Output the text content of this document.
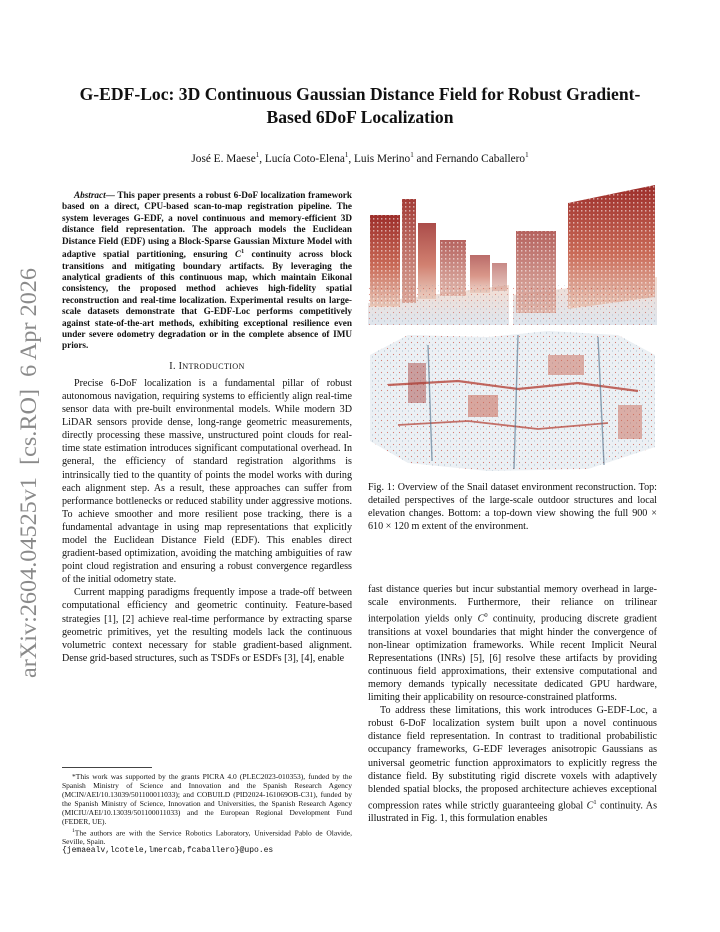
arXiv:2604.04525v1  [cs.RO]  6 Apr 2026
G-EDF-Loc: 3D Continuous Gaussian Distance Field for Robust Gradient-Based 6DoF Localization
José E. Maese$^1$, Lucía Coto-Elena$^1$, Luis Merino$^1$ and Fernando Caballero$^1$

Abstract— This paper presents a robust 6-DoF localization framework based on a direct, CPU-based scan-to-map registration pipeline. The system leverages G-EDF, a novel continuous and memory-efficient 3D distance field representation. The approach models the Euclidean Distance Field (EDF) using a Block-Sparse Gaussian Mixture Model with adaptive spatial partitioning, ensuring $C^1$ continuity across block transitions and mitigating boundary artifacts. By leveraging the analytical gradients of this continuous map, which maintain Eikonal consistency, the proposed method achieves high-fidelity spatial reconstruction and real-time localization. Experimental results on large-scale datasets demonstrate that G-EDF-Loc performs competitively against state-of-the-art methods, exhibiting exceptional resilience even under severe odometry degradation or in the complete absence of IMU priors.

I. INTRODUCTION

Precise 6-DoF localization is a fundamental pillar of robust autonomous navigation, requiring systems to efficiently align real-time sensor data with pre-built environmental models. While modern 3D LiDAR sensors provide dense, long-range geometric measurements, directly processing these massive, unstructured point clouds for real-time state estimation introduces significant computational overhead. In general, the efficiency of standard registration algorithms is intrinsically tied to the quantity of points the model works with during each alignment step. As a result, these approaches can suffer from performance bottlenecks or reduced stability under aggressive motions. To achieve smoother and more resilient pose tracking, there is a fundamental advantage in using map representations that explicitly model the Euclidean Distance Field (EDF). This enables direct gradient-based optimization, avoiding the matching ambiguities of raw point cloud registration and ensuring a robust convergence regardless of the initial odometry state.

Current mapping paradigms frequently impose a trade-off between computational efficiency and geometric continuity. Feature-based strategies [1], [2] achieve real-time performance by extracting sparse geometric primitives, yet the resulting models lack the continuous volumetric context necessary for stable gradient-based alignment. Dense grid-based structures, such as TSDFs or ESDFs [3], [4], enable

*This work was supported by the grants PICRA 4.0 (PLEC2023-010353), funded by the Spanish Ministry of Science and Innovation and the Spanish Research Agency (MCIN/AEI/10.13039/501100011033); and COBUILD (PID2024-161069OB-C31), funded by the Spanish Ministry of Science, Innovation and Universities, the Spanish Research Agency (MICIU/AEI/10.13039/501100011033) and the European Regional Development Fund (FEDER, UE).

$^1$The authors are with the Service Robotics Laboratory, Universidad Pablo de Olavide, Seville, Spain.

{jemaealv,lcotele,lmercab,fcaballero}@upo.es

Fig. 1: Overview of the Snail dataset environment reconstruction. Top: detailed perspectives of the large-scale outdoor structures and local elevation changes. Bottom: a top-down view showing the full 900 × 610 × 120 m extent of the environment.

fast distance queries but incur substantial memory overhead in large-scale environments. Furthermore, their reliance on trilinear interpolation yields only $C^0$ continuity, producing discrete gradient transitions at voxel boundaries that might hinder the convergence of non-linear optimization frameworks. While recent Implicit Neural Representations (INRs) [5], [6] resolve these artifacts by providing continuous field approximations, their extensive computational and memory demands typically necessitate dedicated GPU hardware, limiting their applicability on resource-constrained platforms.

To address these limitations, this work introduces G-EDF-Loc, a robust 6-DoF localization system built upon a novel continuous distance field representation. In contrast to traditional probabilistic occupancy frameworks, G-EDF leverages anisotropic Gaussians as universal geometric function approximators to explicitly regress the distance field. By substituting rigid discrete voxels with adaptively blended spatial blocks, the proposed architecture achieves exceptional compression rates while strictly guaranteeing global $C^1$ continuity. As illustrated in Fig. 1, this formulation enables
